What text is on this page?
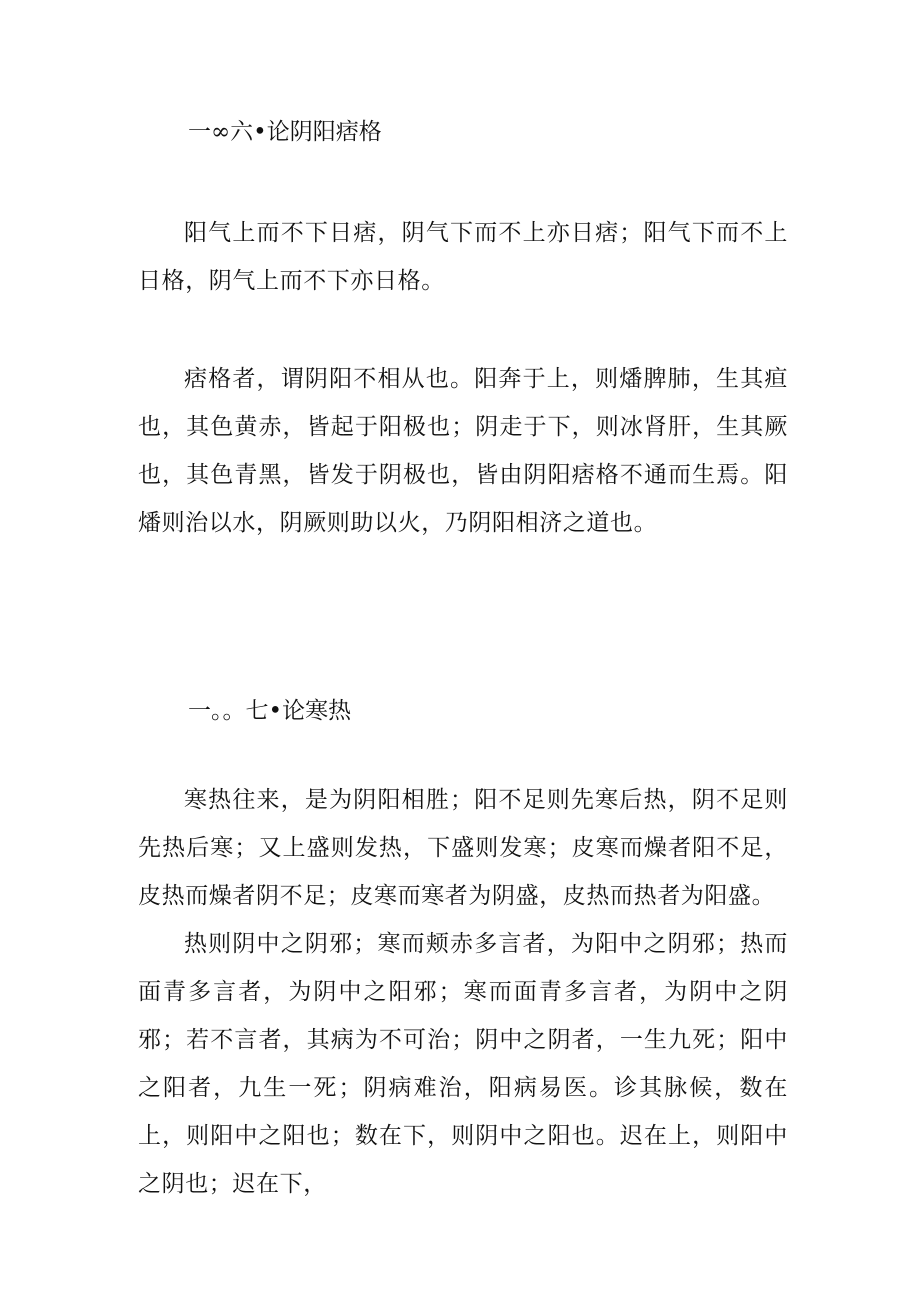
一∞六•论阴阳痞格

阳气上而不下日痞，阴气下而不上亦日痞；阳气下而不上日格，阴气上而不下亦日格。

痞格者，谓阴阳不相从也。阳奔于上，则燔脾肺，生其疸也，其色黄赤，皆起于阳极也；阴走于下，则冰肾肝，生其厥也，其色青黑，皆发于阴极也，皆由阴阳痞格不通而生焉。阳燔则治以水，阴厥则助以火，乃阴阳相济之道也。

一。。七•论寒热

寒热往来，是为阴阳相胜；阳不足则先寒后热，阴不足则先热后寒；又上盛则发热，下盛则发寒；皮寒而燥者阳不足，皮热而燥者阴不足；皮寒而寒者为阴盛，皮热而热者为阳盛。

热则阴中之阴邪；寒而颊赤多言者，为阳中之阴邪；热而面青多言者，为阴中之阳邪；寒而面青多言者，为阴中之阴邪；若不言者，其病为不可治；阴中之阴者，一生九死；阳中之阳者，九生一死；阴病难治，阳病易医。诊其脉候，数在上，则阳中之阳也；数在下，则阴中之阳也。迟在上，则阳中之阴也；迟在下，
